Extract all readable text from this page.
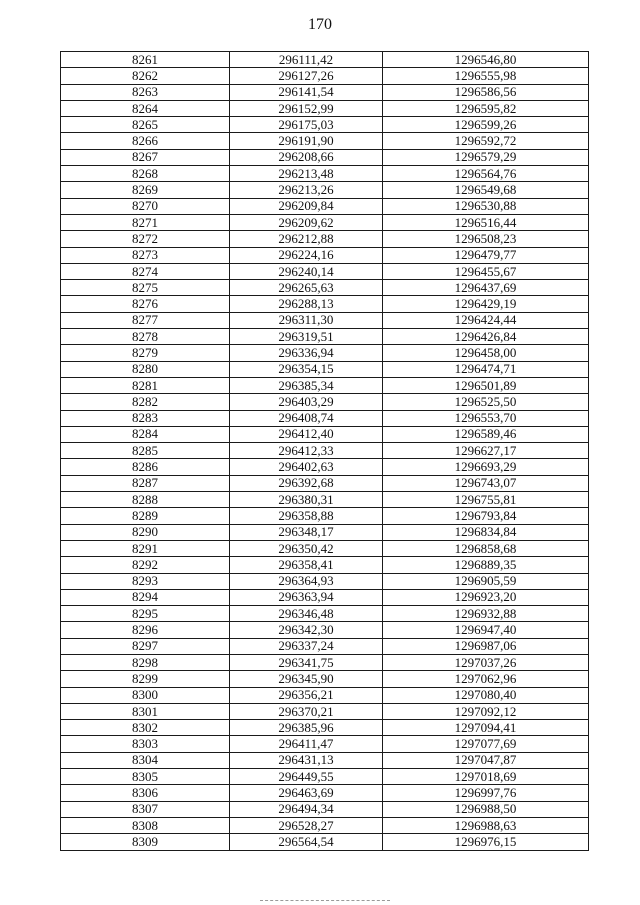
170
8261	296111,42	1296546,80
8262	296127,26	1296555,98
8263	296141,54	1296586,56
8264	296152,99	1296595,82
8265	296175,03	1296599,26
8266	296191,90	1296592,72
8267	296208,66	1296579,29
8268	296213,48	1296564,76
8269	296213,26	1296549,68
8270	296209,84	1296530,88
8271	296209,62	1296516,44
8272	296212,88	1296508,23
8273	296224,16	1296479,77
8274	296240,14	1296455,67
8275	296265,63	1296437,69
8276	296288,13	1296429,19
8277	296311,30	1296424,44
8278	296319,51	1296426,84
8279	296336,94	1296458,00
8280	296354,15	1296474,71
8281	296385,34	1296501,89
8282	296403,29	1296525,50
8283	296408,74	1296553,70
8284	296412,40	1296589,46
8285	296412,33	1296627,17
8286	296402,63	1296693,29
8287	296392,68	1296743,07
8288	296380,31	1296755,81
8289	296358,88	1296793,84
8290	296348,17	1296834,84
8291	296350,42	1296858,68
8292	296358,41	1296889,35
8293	296364,93	1296905,59
8294	296363,94	1296923,20
8295	296346,48	1296932,88
8296	296342,30	1296947,40
8297	296337,24	1296987,06
8298	296341,75	1297037,26
8299	296345,90	1297062,96
8300	296356,21	1297080,40
8301	296370,21	1297092,12
8302	296385,96	1297094,41
8303	296411,47	1297077,69
8304	296431,13	1297047,87
8305	296449,55	1297018,69
8306	296463,69	1296997,76
8307	296494,34	1296988,50
8308	296528,27	1296988,63
8309	296564,54	1296976,15
